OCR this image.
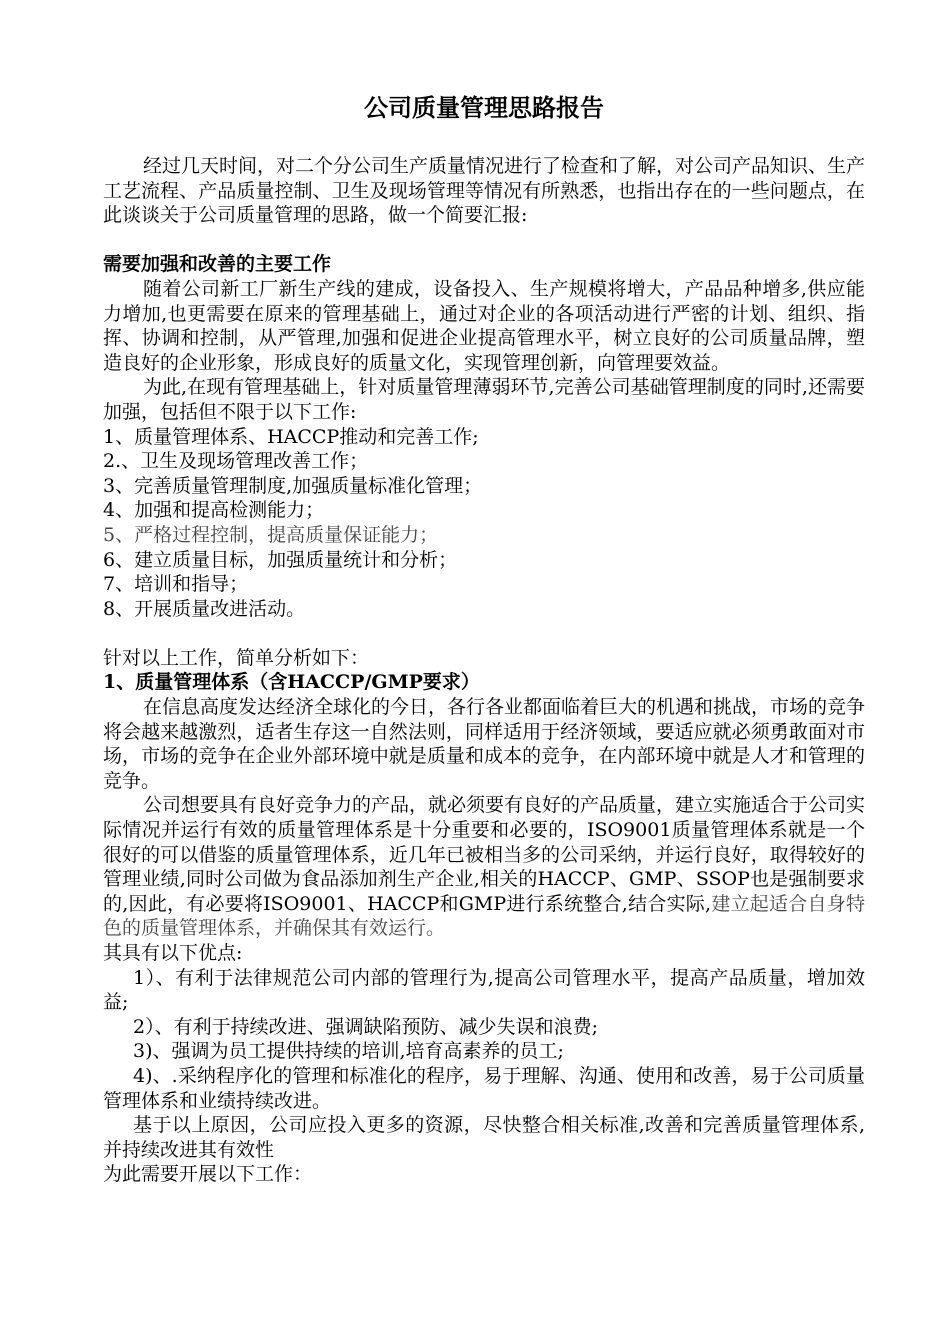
公司质量管理思路报告

经过几天时间，对二个分公司生产质量情况进行了检查和了解，对公司产品知识、生产工艺流程、产品质量控制、卫生及现场管理等情况有所熟悉，也指出存在的一些问题点，在此谈谈关于公司质量管理的思路，做一个简要汇报:

需要加强和改善的主要工作

随着公司新工厂新生产线的建成，设备投入、生产规模将增大，产品品种增多,供应能力增加,也更需要在原来的管理基础上，通过对企业的各项活动进行严密的计划、组织、指挥、协调和控制，从严管理,加强和促进企业提高管理水平，树立良好的公司质量品牌，塑造良好的企业形象，形成良好的质量文化，实现管理创新，向管理要效益。

为此,在现有管理基础上，针对质量管理薄弱环节,完善公司基础管理制度的同时,还需要加强，包括但不限于以下工作:

1、质量管理体系、HACCP推动和完善工作;

2.、卫生及现场管理改善工作；

3、完善质量管理制度,加强质量标准化管理；

4、加强和提高检测能力；

5、严格过程控制，提高质量保证能力；

6、建立质量目标，加强质量统计和分析；

7、培训和指导；

8、开展质量改进活动。

针对以上工作，简单分析如下：

1、质量管理体系（含HACCP/GMP要求）

在信息高度发达经济全球化的今日，各行各业都面临着巨大的机遇和挑战，市场的竞争将会越来越激烈，适者生存这一自然法则，同样适用于经济领域，要适应就必须勇敢面对市场，市场的竞争在企业外部环境中就是质量和成本的竞争，在内部环境中就是人才和管理的竞争。

公司想要具有良好竞争力的产品，就必须要有良好的产品质量，建立实施适合于公司实际情况并运行有效的质量管理体系是十分重要和必要的，ISO9001质量管理体系就是一个很好的可以借鉴的质量管理体系，近几年已被相当多的公司采纳，并运行良好，取得较好的管理业绩,同时公司做为食品添加剂生产企业,相关的HACCP、GMP、SSOP也是强制要求的,因此，有必要将ISO9001、HACCP和GMP进行系统整合,结合实际,建立起适合自身特色的质量管理体系，并确保其有效运行。

其具有以下优点:

1）、有利于法律规范公司内部的管理行为,提高公司管理水平，提高产品质量，增加效益;

2）、有利于持续改进、强调缺陷预防、减少失误和浪费;

3)、强调为员工提供持续的培训,培育高素养的员工;

4)、.采纳程序化的管理和标准化的程序，易于理解、沟通、使用和改善，易于公司质量管理体系和业绩持续改进。

基于以上原因，公司应投入更多的资源，尽快整合相关标准,改善和完善质量管理体系,并持续改进其有效性

为此需要开展以下工作：
